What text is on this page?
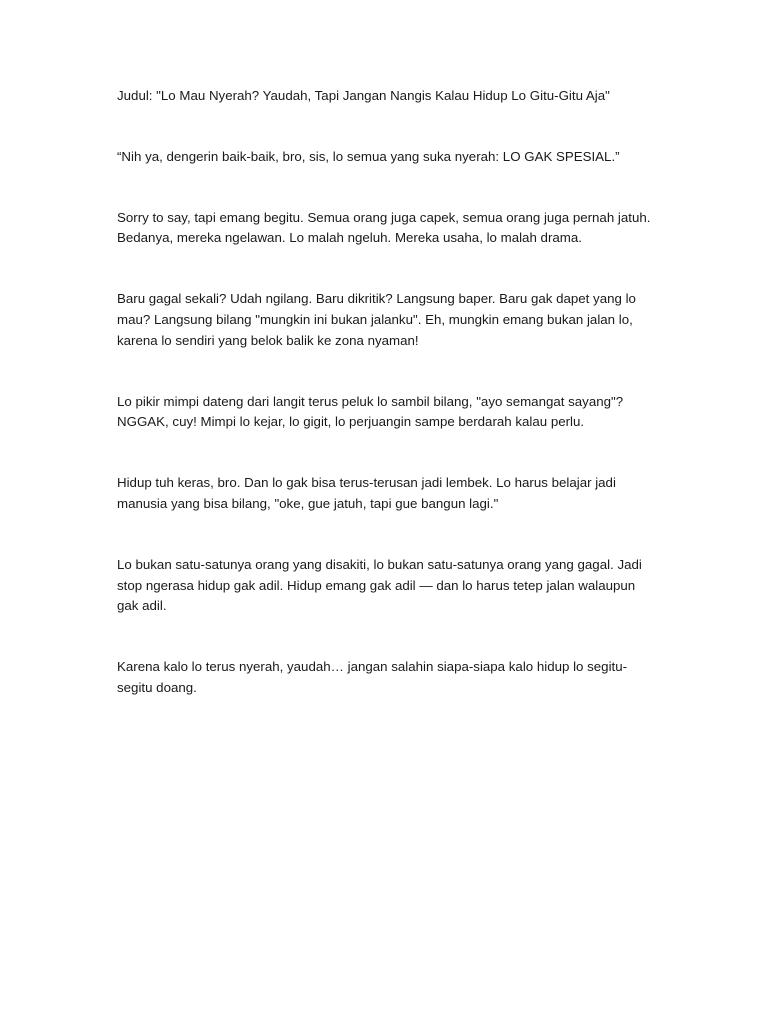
Judul: "Lo Mau Nyerah? Yaudah, Tapi Jangan Nangis Kalau Hidup Lo Gitu-Gitu Aja"

“Nih ya, dengerin baik-baik, bro, sis, lo semua yang suka nyerah: LO GAK SPESIAL.”

Sorry to say, tapi emang begitu. Semua orang juga capek, semua orang juga pernah jatuh. Bedanya, mereka ngelawan. Lo malah ngeluh. Mereka usaha, lo malah drama.

Baru gagal sekali? Udah ngilang. Baru dikritik? Langsung baper. Baru gak dapet yang lo mau? Langsung bilang "mungkin ini bukan jalanku". Eh, mungkin emang bukan jalan lo, karena lo sendiri yang belok balik ke zona nyaman!

Lo pikir mimpi dateng dari langit terus peluk lo sambil bilang, "ayo semangat sayang"? NGGAK, cuy! Mimpi lo kejar, lo gigit, lo perjuangin sampe berdarah kalau perlu.

Hidup tuh keras, bro. Dan lo gak bisa terus-terusan jadi lembek. Lo harus belajar jadi manusia yang bisa bilang, "oke, gue jatuh, tapi gue bangun lagi."

Lo bukan satu-satunya orang yang disakiti, lo bukan satu-satunya orang yang gagal. Jadi stop ngerasa hidup gak adil. Hidup emang gak adil — dan lo harus tetep jalan walaupun gak adil.

Karena kalo lo terus nyerah, yaudah… jangan salahin siapa-siapa kalo hidup lo segitu-segitu doang.
